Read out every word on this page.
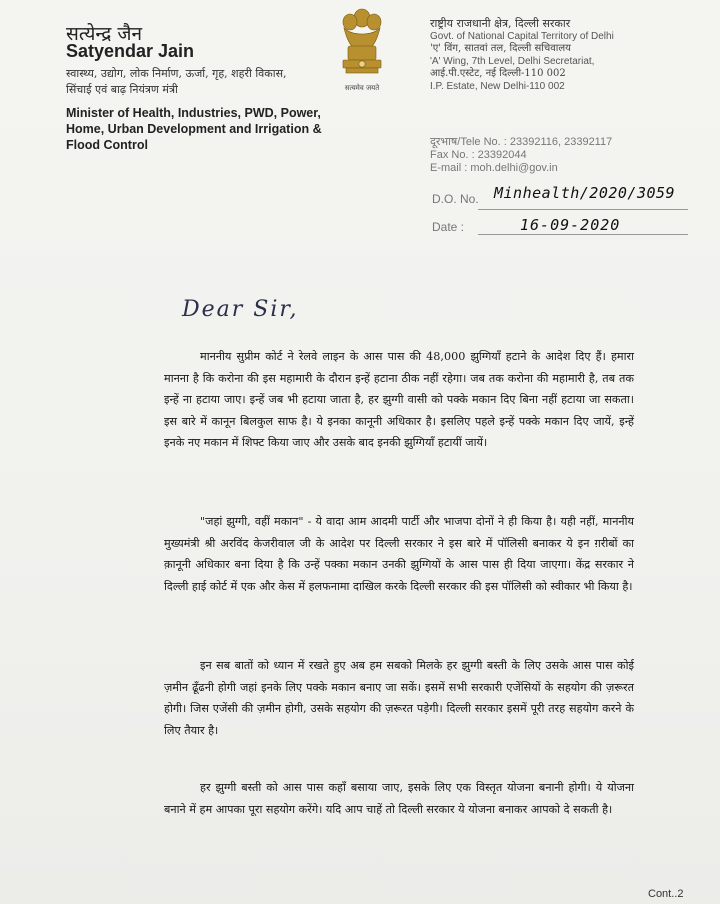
सत्येन्द्र जैन
Satyendar Jain
स्वास्थ्य, उद्योग, लोक निर्माण, ऊर्जा, गृह, शहरी विकास, सिंचाई एवं बाढ़ नियंत्रण मंत्री
Minister of Health, Industries, PWD, Power, Home, Urban Development and Irrigation & Flood Control
सत्यमेव जयते
राष्ट्रीय राजधानी क्षेत्र, दिल्ली सरकार
Govt. of National Capital Territory of Delhi
'ए' विंग, सातवां तल, दिल्ली सचिवालय
'A' Wing, 7th Level, Delhi Secretariat,
आई.पी.एस्टेट, नई दिल्ली-110 002
I.P. Estate, New Delhi-110 002
दूरभाष/Tele No. : 23392116, 23392117
Fax No. : 23392044
E-mail : moh.delhi@gov.in
D.O. No. Minhealth/2020/3059
Date :	16-09-2020
Dear Sir,
माननीय सुप्रीम कोर्ट ने रेलवे लाइन के आस पास की 48,000 झुग्गियाँ हटाने के आदेश दिए हैं। हमारा मानना है कि करोना की इस महामारी के दौरान इन्हें हटाना ठीक नहीं रहेगा। जब तक करोना की महामारी है, तब तक इन्हें ना हटाया जाए। इन्हें जब भी हटाया जाता है, हर झुग्गी वासी को पक्के मकान दिए बिना नहीं हटाया जा सकता। इस बारे में कानून बिलकुल साफ है। ये इनका कानूनी अधिकार है। इसलिए पहले इन्हें पक्के मकान दिए जायें, इन्हें इनके नए मकान में शिफ्ट किया जाए और उसके बाद इनकी झुग्गियाँ हटायीं जायें।
"जहां झुग्गी, वहीं मकान" - ये वादा आम आदमी पार्टी और भाजपा दोनों ने ही किया है। यही नहीं, माननीय मुख्यमंत्री श्री अरविंद केजरीवाल जी के आदेश पर दिल्ली सरकार ने इस बारे में पॉलिसी बनाकर ये इन ग़रीबों का क़ानूनी अधिकार बना दिया है कि उन्हें पक्का मकान उनकी झुग्गियों के आस पास ही दिया जाएगा। केंद्र सरकार ने दिल्ली हाई कोर्ट में एक और केस में हलफनामा दाखिल करके दिल्ली सरकार की इस पॉलिसी को स्वीकार भी किया है।
इन सब बातों को ध्यान में रखते हुए अब हम सबको मिलके हर झुग्गी बस्ती के लिए उसके आस पास कोई ज़मीन ढूँढनी होगी जहां इनके लिए पक्के मकान बनाए जा सकें। इसमें सभी सरकारी एजेंसियों के सहयोग की ज़रूरत होगी। जिस एजेंसी की ज़मीन होगी, उसके सहयोग की ज़रूरत पड़ेगी। दिल्ली सरकार इसमें पूरी तरह सहयोग करने के लिए तैयार है।
हर झुग्गी बस्ती को आस पास कहाँ बसाया जाए, इसके लिए एक विस्तृत योजना बनानी होगी। ये योजना बनाने में हम आपका पूरा सहयोग करेंगे। यदि आप चाहें तो दिल्ली सरकार ये योजना बनाकर आपको दे सकती है।
Cont..2
